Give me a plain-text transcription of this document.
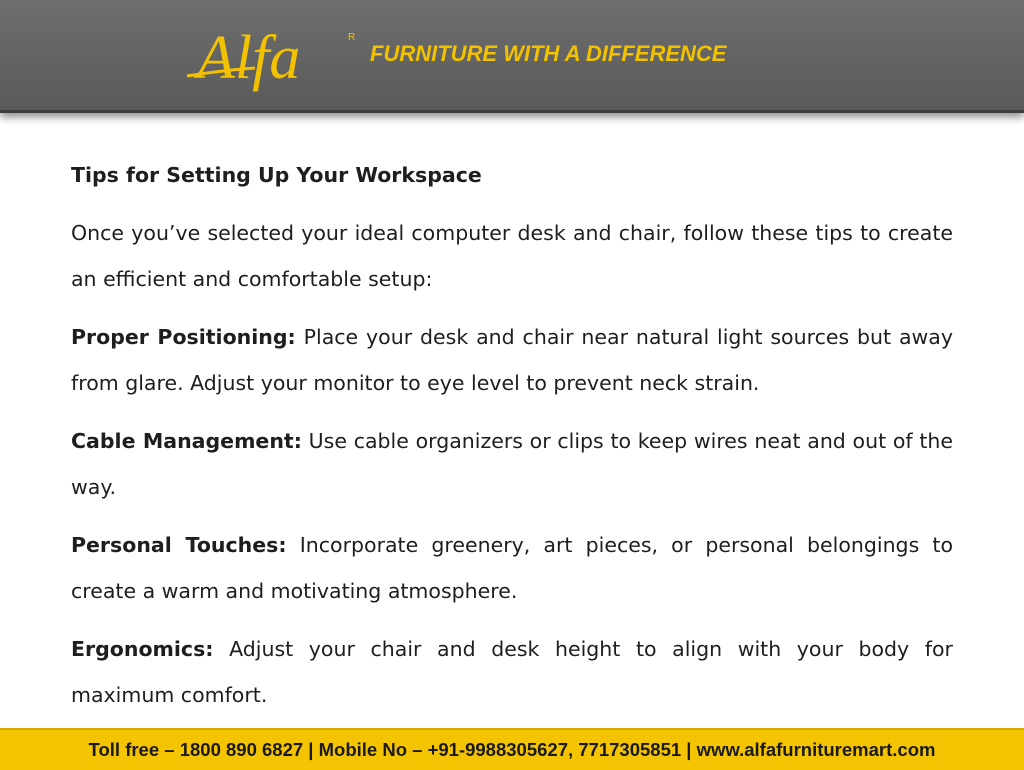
Alfa	R
FURNITURE WITH A DIFFERENCE
Tips for Setting Up Your Workspace

Once you’ve selected your ideal computer desk and chair, follow these tips to create an efficient and comfortable setup:

Proper Positioning: Place your desk and chair near natural light sources but away from glare. Adjust your monitor to eye level to prevent neck strain.

Cable Management: Use cable organizers or clips to keep wires neat and out of the way.

Personal Touches: Incorporate greenery, art pieces, or personal belongings to create a warm and motivating atmosphere.

Ergonomics: Adjust your chair and desk height to align with your body for maximum comfort.

Toll free – 1800 890 6827 | Mobile No – +91-9988305627, 7717305851 | www.alfafurnituremart.com
